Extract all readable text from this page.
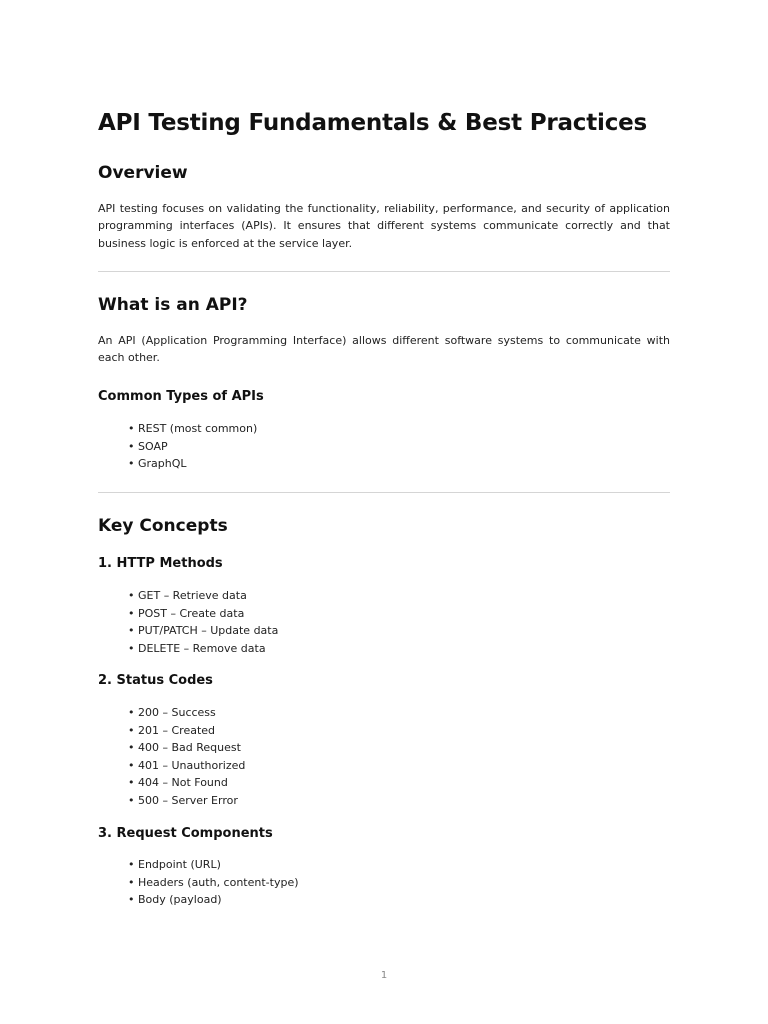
API Testing Fundamentals & Best Practices
Overview

API testing focuses on validating the functionality, reliability, performance, and security of application programming interfaces (APIs). It ensures that different systems communicate correctly and that business logic is enforced at the service layer.

What is an API?

An API (Application Programming Interface) allows different software systems to communicate with each other.

Common Types of APIs
• REST (most common)
• SOAP
• GraphQL
Key Concepts
1. HTTP Methods
• GET – Retrieve data
• POST – Create data
• PUT/PATCH – Update data
• DELETE – Remove data
2. Status Codes
• 200 – Success
• 201 – Created
• 400 – Bad Request
• 401 – Unauthorized
• 404 – Not Found
• 500 – Server Error
3. Request Components
• Endpoint (URL)
• Headers (auth, content-type)
• Body (payload)
1
